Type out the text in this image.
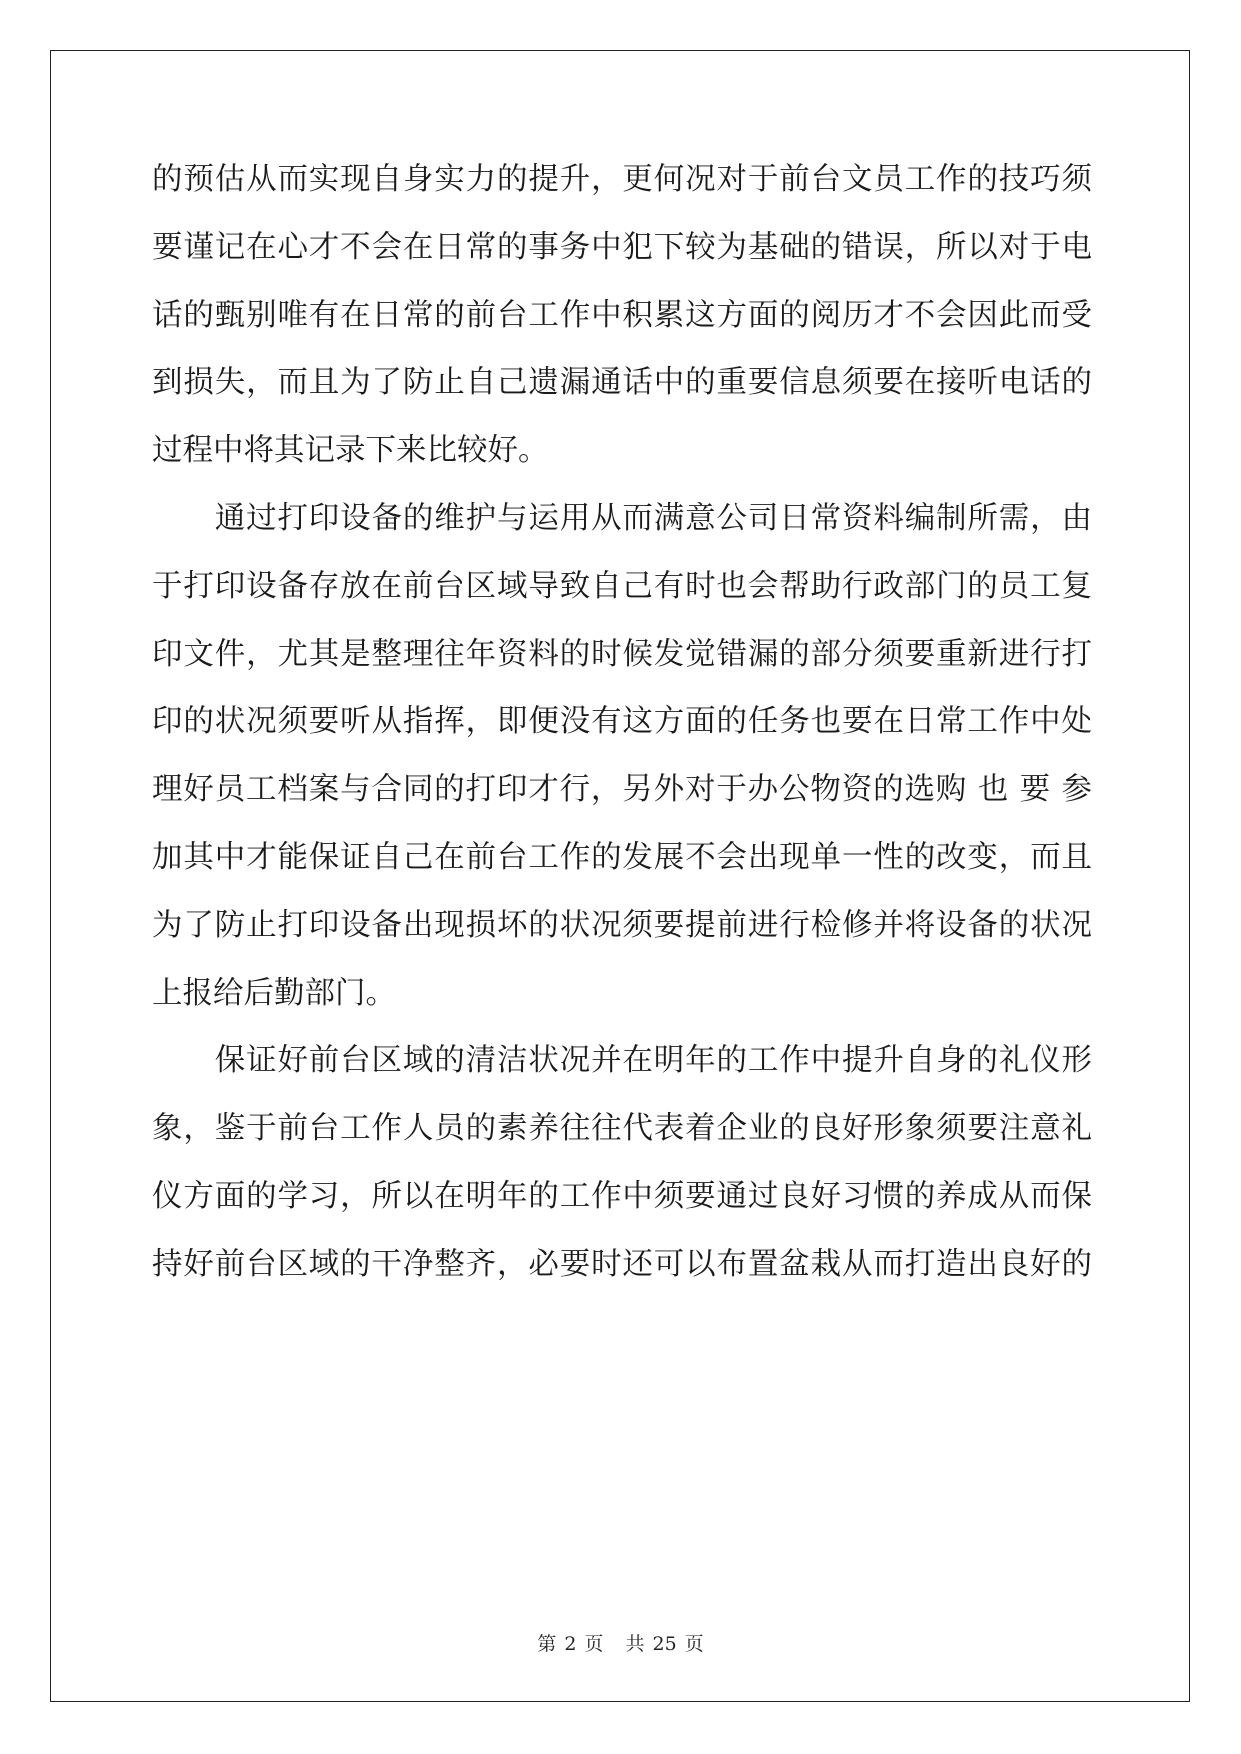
的预估从而实现自身实力的提升，更何况对于前台文员工作的技巧须
要谨记在心才不会在日常的事务中犯下较为基础的错误，所以对于电
话的甄别唯有在日常的前台工作中积累这方面的阅历才不会因此而受
到损失，而且为了防止自己遗漏通话中的重要信息须要在接听电话的
过程中将其记录下来比较好。
　　通过打印设备的维护与运用从而满意公司日常资料编制所需，由
于打印设备存放在前台区域导致自己有时也会帮助行政部门的员工复
印文件，尤其是整理往年资料的时候发觉错漏的部分须要重新进行打
印的状况须要听从指挥，即便没有这方面的任务也要在日常工作中处
理好员工档案与合同的打印才行，另外对于办公物资的选购 也 要 参
加其中才能保证自己在前台工作的发展不会出现单一性的改变，而且
为了防止打印设备出现损坏的状况须要提前进行检修并将设备的状况
上报给后勤部门。
　　保证好前台区域的清洁状况并在明年的工作中提升自身的礼仪形
象，鉴于前台工作人员的素养往往代表着企业的良好形象须要注意礼
仪方面的学习，所以在明年的工作中须要通过良好习惯的养成从而保
持好前台区域的干净整齐，必要时还可以布置盆栽从而打造出良好的
第 2 页 共 25 页
